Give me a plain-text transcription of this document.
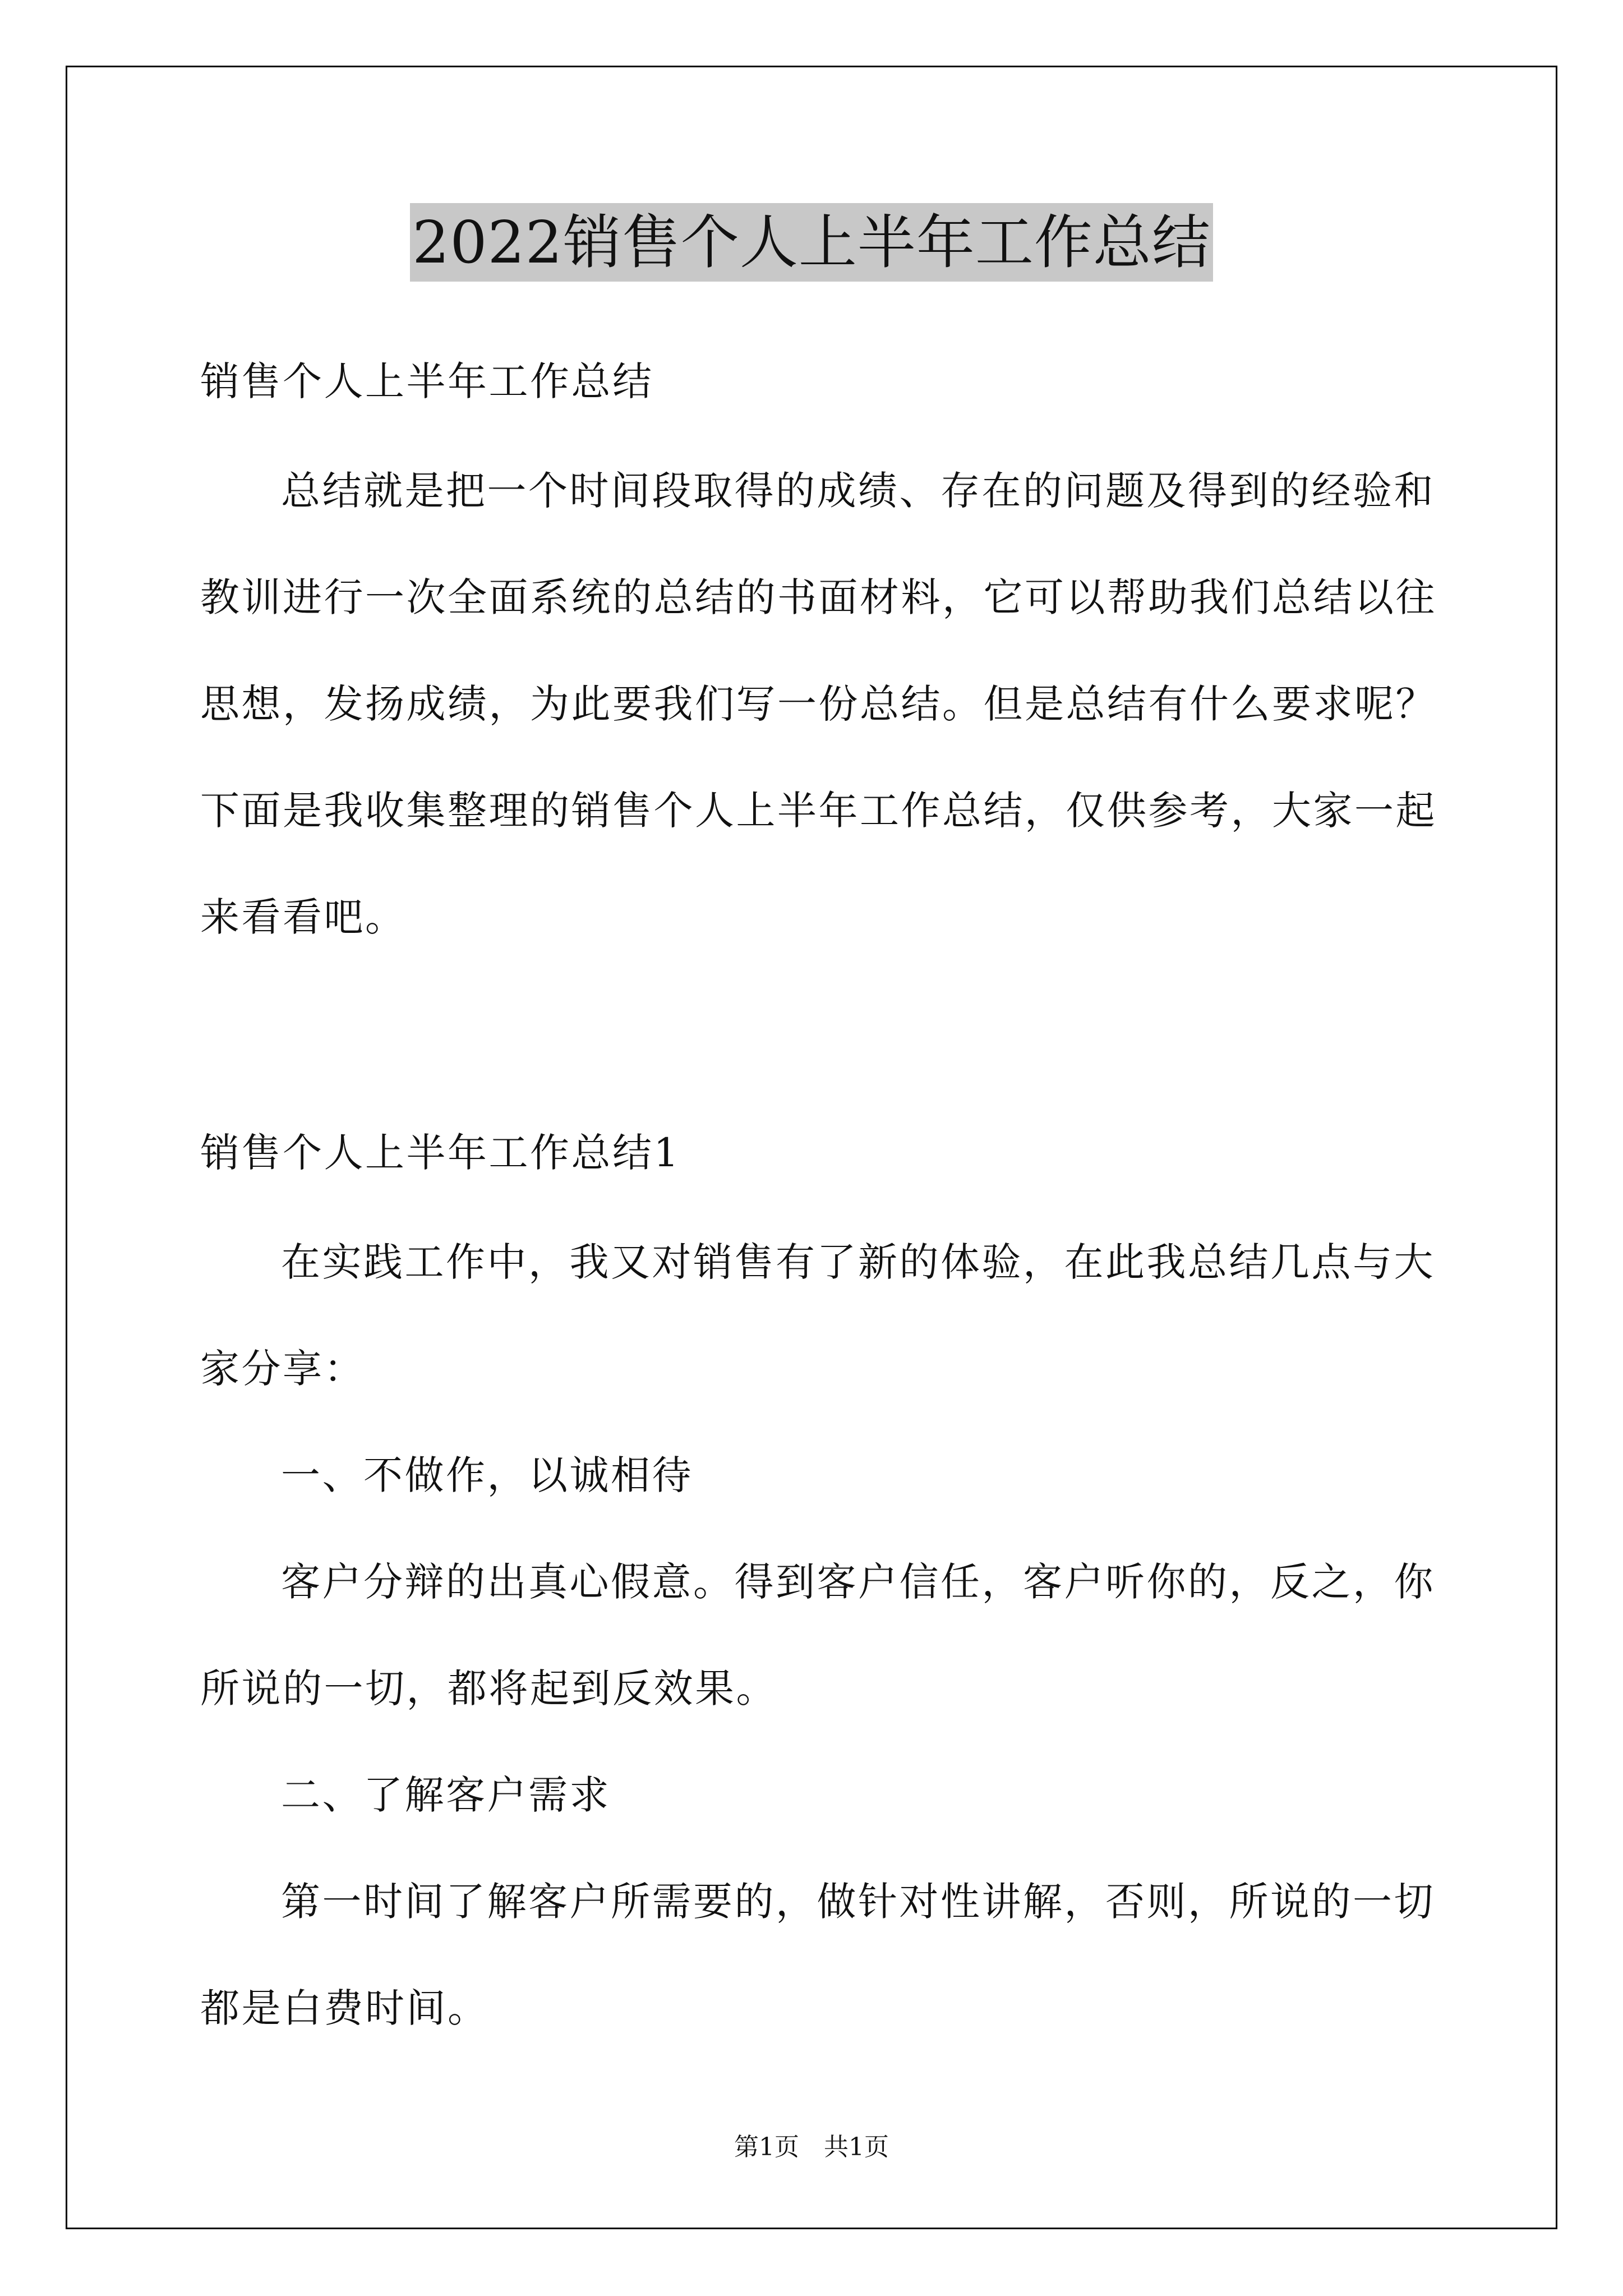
2022销售个人上半年工作总结

销售个人上半年工作总结

总结就是把一个时间段取得的成绩、存在的问题及得到的经验和
教训进行一次全面系统的总结的书面材料，它可以帮助我们总结以往
思想，发扬成绩，为此要我们写一份总结。但是总结有什么要求呢？
下面是我收集整理的销售个人上半年工作总结，仅供参考，大家一起
来看看吧。

销售个人上半年工作总结1

在实践工作中，我又对销售有了新的体验，在此我总结几点与大
家分享：

一、不做作，以诚相待

客户分辩的出真心假意。得到客户信任，客户听你的，反之，你
所说的一切，都将起到反效果。

二、了解客户需求

第一时间了解客户所需要的，做针对性讲解，否则，所说的一切
都是白费时间。

第1页　共1页
